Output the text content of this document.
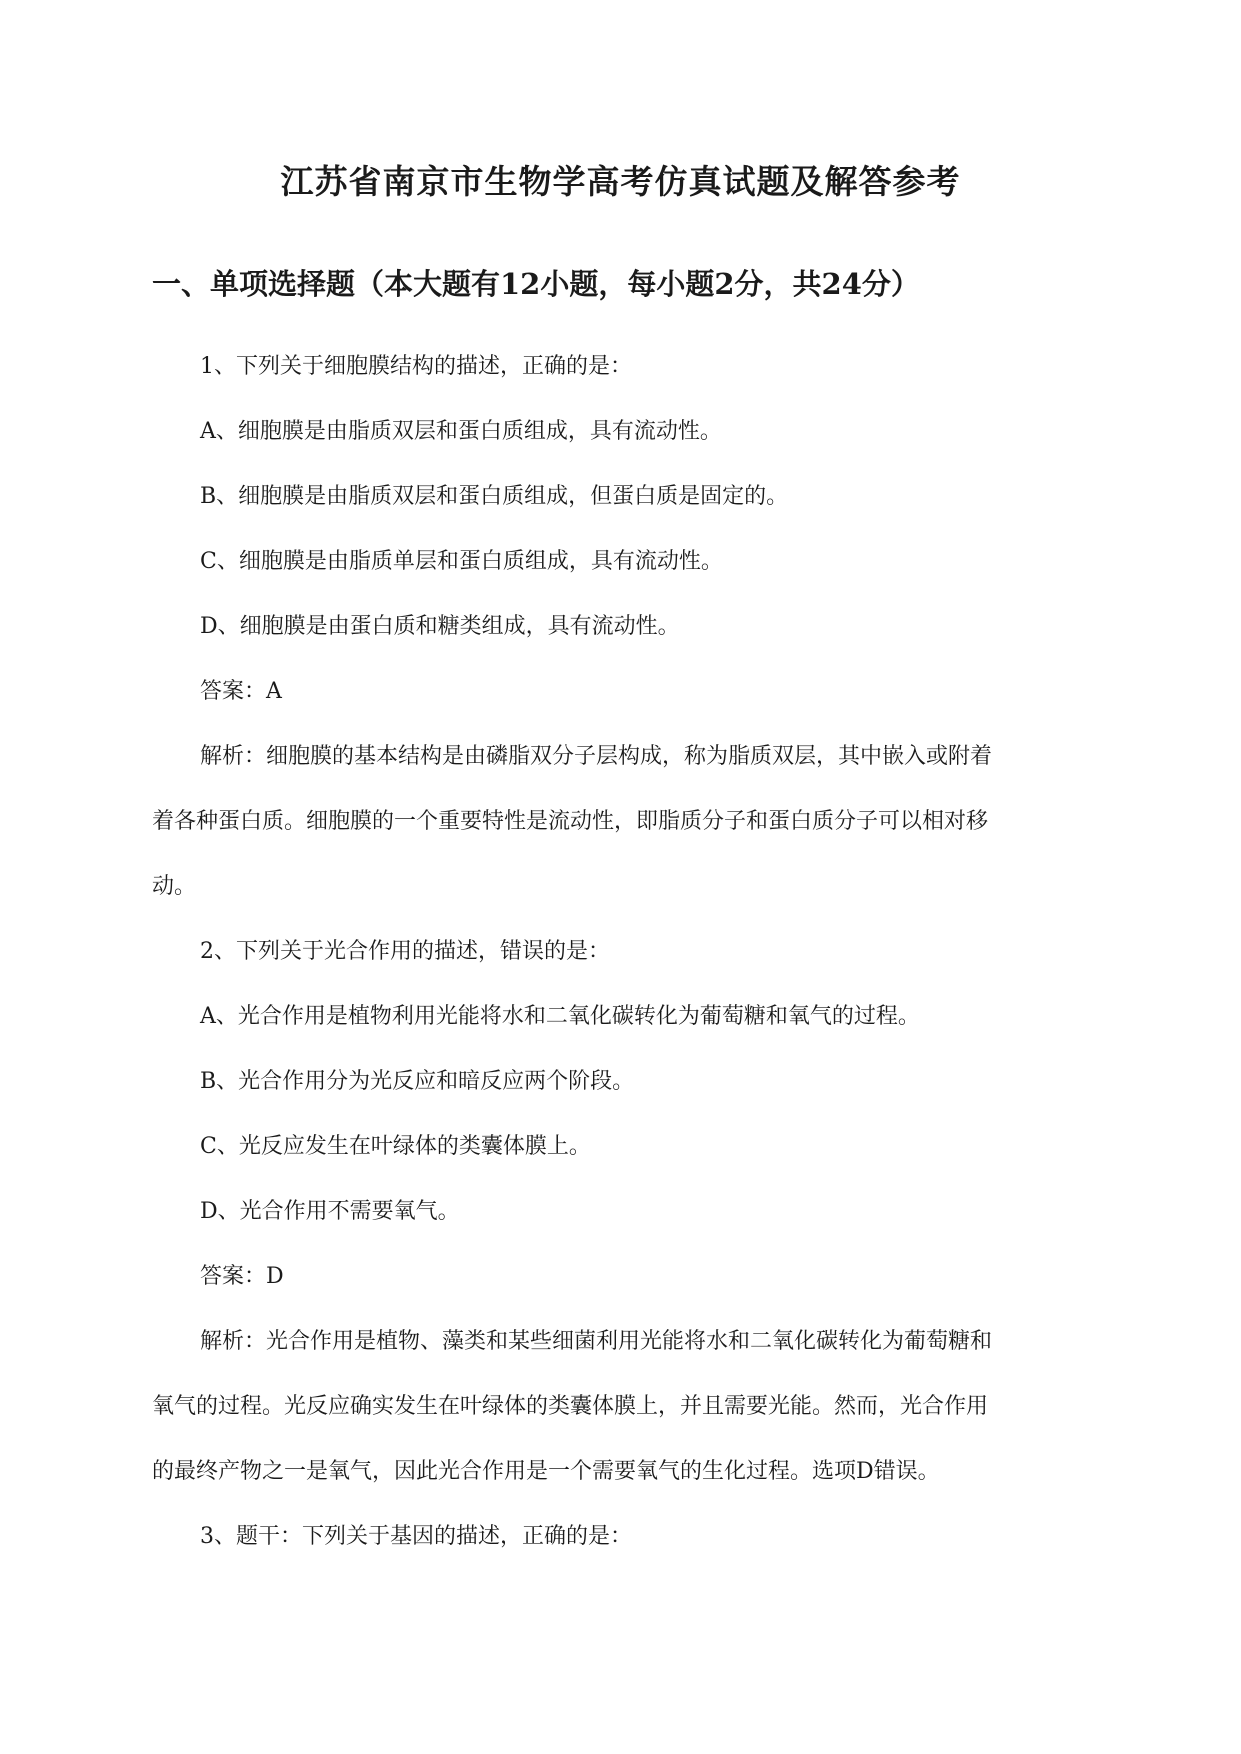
江苏省南京市生物学高考仿真试题及解答参考
一、单项选择题（本大题有12小题，每小题2分，共24分）

1、下列关于细胞膜结构的描述，正确的是：

A、细胞膜是由脂质双层和蛋白质组成，具有流动性。

B、细胞膜是由脂质双层和蛋白质组成，但蛋白质是固定的。

C、细胞膜是由脂质单层和蛋白质组成，具有流动性。

D、细胞膜是由蛋白质和糖类组成，具有流动性。

答案：A

解析：细胞膜的基本结构是由磷脂双分子层构成，称为脂质双层，其中嵌入或附着

着各种蛋白质。细胞膜的一个重要特性是流动性，即脂质分子和蛋白质分子可以相对移

动。

2、下列关于光合作用的描述，错误的是：

A、光合作用是植物利用光能将水和二氧化碳转化为葡萄糖和氧气的过程。

B、光合作用分为光反应和暗反应两个阶段。

C、光反应发生在叶绿体的类囊体膜上。

D、光合作用不需要氧气。

答案：D

解析：光合作用是植物、藻类和某些细菌利用光能将水和二氧化碳转化为葡萄糖和

氧气的过程。光反应确实发生在叶绿体的类囊体膜上，并且需要光能。然而，光合作用

的最终产物之一是氧气，因此光合作用是一个需要氧气的生化过程。选项D错误。

3、题干：下列关于基因的描述，正确的是：
